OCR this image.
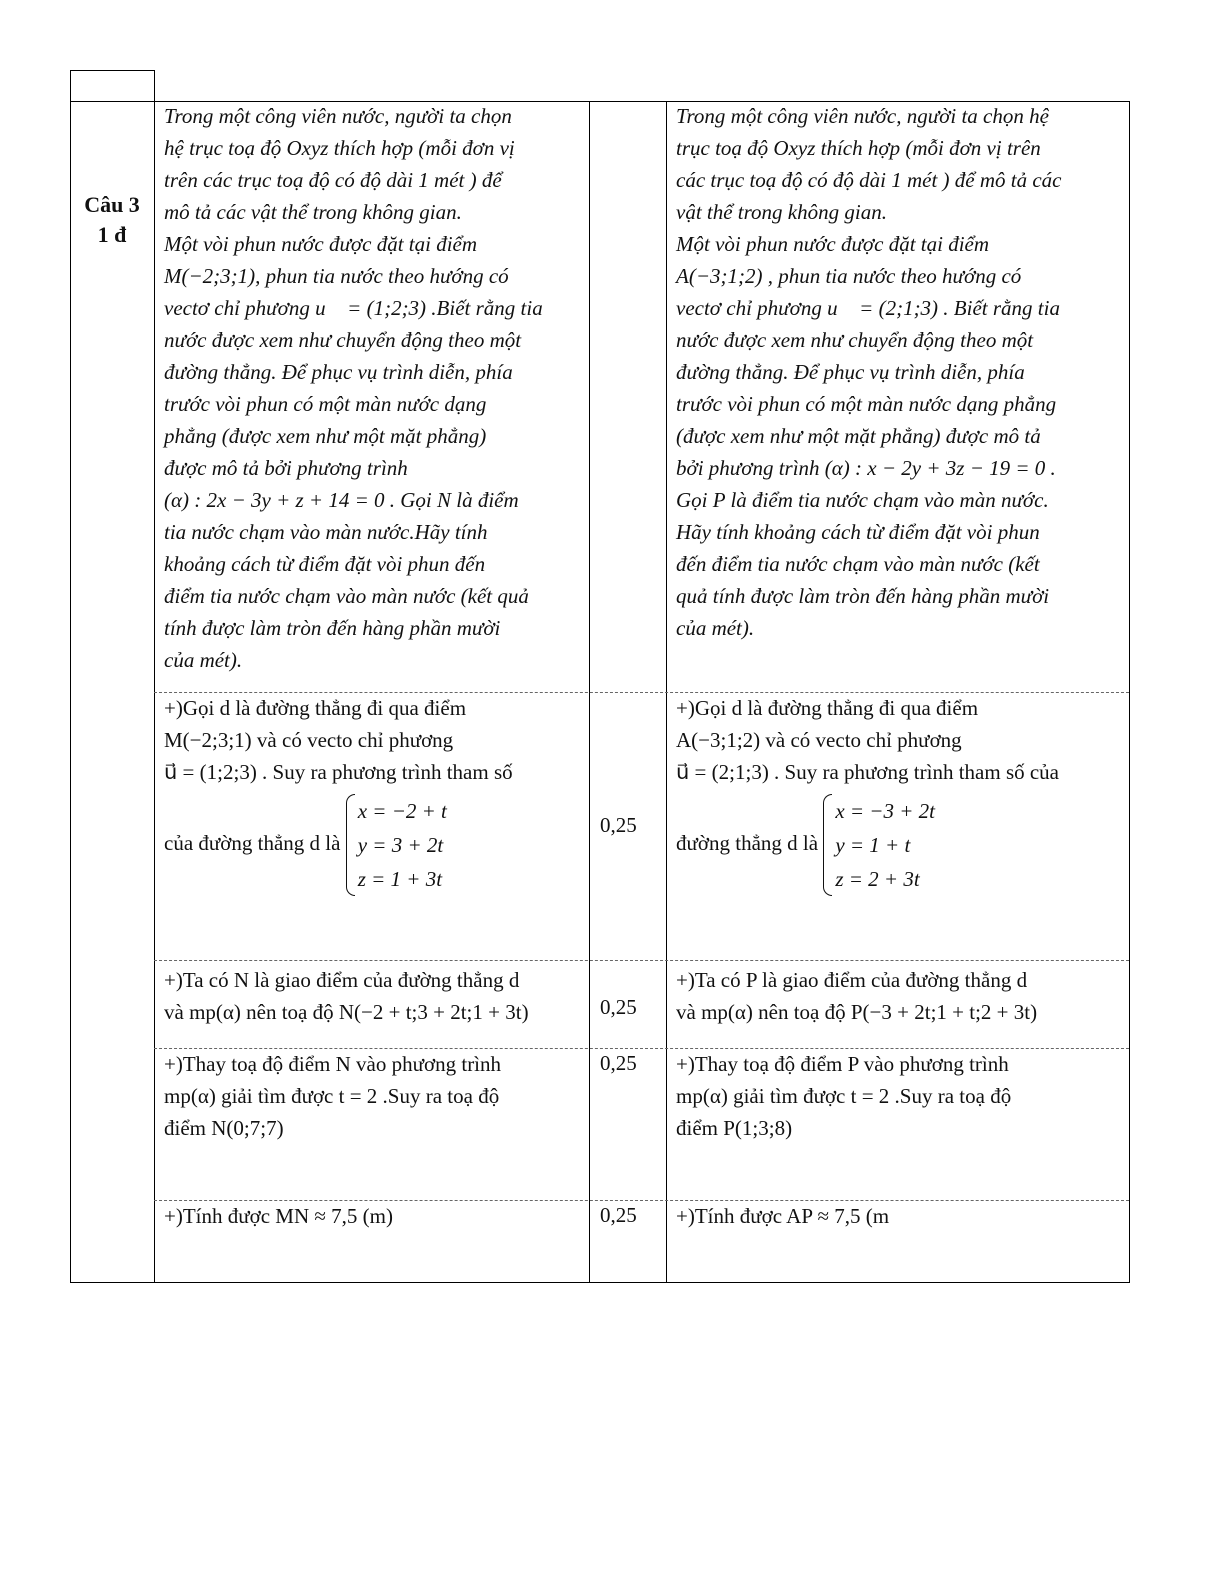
Câu 3
1 đ
Trong một công viên nước, người ta chọn
hệ trục toạ độ Oxyz thích hợp (mỗi đơn vị
trên các trục toạ độ có độ dài 1 mét ) để
mô tả các vật thể trong không gian.
Một vòi phun nước được đặt tại điểm
M(−2;3;1), phun tia nước theo hướng có
vectơ chỉ phương u⃗ = (1;2;3) .Biết rằng tia
nước được xem như chuyển động theo một
đường thẳng. Để phục vụ trình diễn, phía
trước vòi phun có một màn nước dạng
phẳng (được xem như một mặt phẳng)
được mô tả bởi phương trình
(α) : 2x − 3y + z + 14 = 0 . Gọi N là điểm
tia nước chạm vào màn nước.Hãy tính
khoảng cách từ điểm đặt vòi phun đến
điểm tia nước chạm vào màn nước (kết quả
tính được làm tròn đến hàng phần mười
của mét).
Trong một công viên nước, người ta chọn hệ
trục toạ độ Oxyz thích hợp (mỗi đơn vị trên
các trục toạ độ có độ dài 1 mét ) để mô tả các
vật thể trong không gian.
Một vòi phun nước được đặt tại điểm
A(−3;1;2) , phun tia nước theo hướng có
vectơ chỉ phương u⃗ = (2;1;3) . Biết rằng tia
nước được xem như chuyển động theo một
đường thẳng. Để phục vụ trình diễn, phía
trước vòi phun có một màn nước dạng phẳng
(được xem như một mặt phẳng) được mô tả
bởi phương trình (α) : x − 2y + 3z − 19 = 0 .
Gọi P là điểm tia nước chạm vào màn nước.
Hãy tính khoảng cách từ điểm đặt vòi phun
đến điểm tia nước chạm vào màn nước (kết
quả tính được làm tròn đến hàng phần mười
của mét).
+)Gọi d là đường thẳng đi qua điểm
M(−2;3;1) và có vecto chỉ phương
u⃗ = (1;2;3) . Suy ra phương trình tham số
của đường thẳng d là
x = −2 + t
y = 3 + 2t
z = 1 + 3t
+)Gọi d là đường thẳng đi qua điểm
A(−3;1;2) và có vecto chỉ phương
u⃗ = (2;1;3) . Suy ra phương trình tham số của
đường thẳng d là
x = −3 + 2t
y = 1 + t
z = 2 + 3t
+)Ta có N là giao điểm của đường thẳng d
và mp(α) nên toạ độ N(−2 + t;3 + 2t;1 + 3t)
+)Ta có P là giao điểm của đường thẳng d
và mp(α) nên toạ độ P(−3 + 2t;1 + t;2 + 3t)
+)Thay toạ độ điểm N vào phương trình
mp(α) giải tìm được t = 2 .Suy ra toạ độ
điểm N(0;7;7)
+)Thay toạ độ điểm P vào phương trình
mp(α) giải tìm được t = 2 .Suy ra toạ độ
điểm P(1;3;8)
+)Tính được MN ≈ 7,5 (m)	+)Tính được AP ≈ 7,5 (m
0,25
0,25
0,25
0,25
